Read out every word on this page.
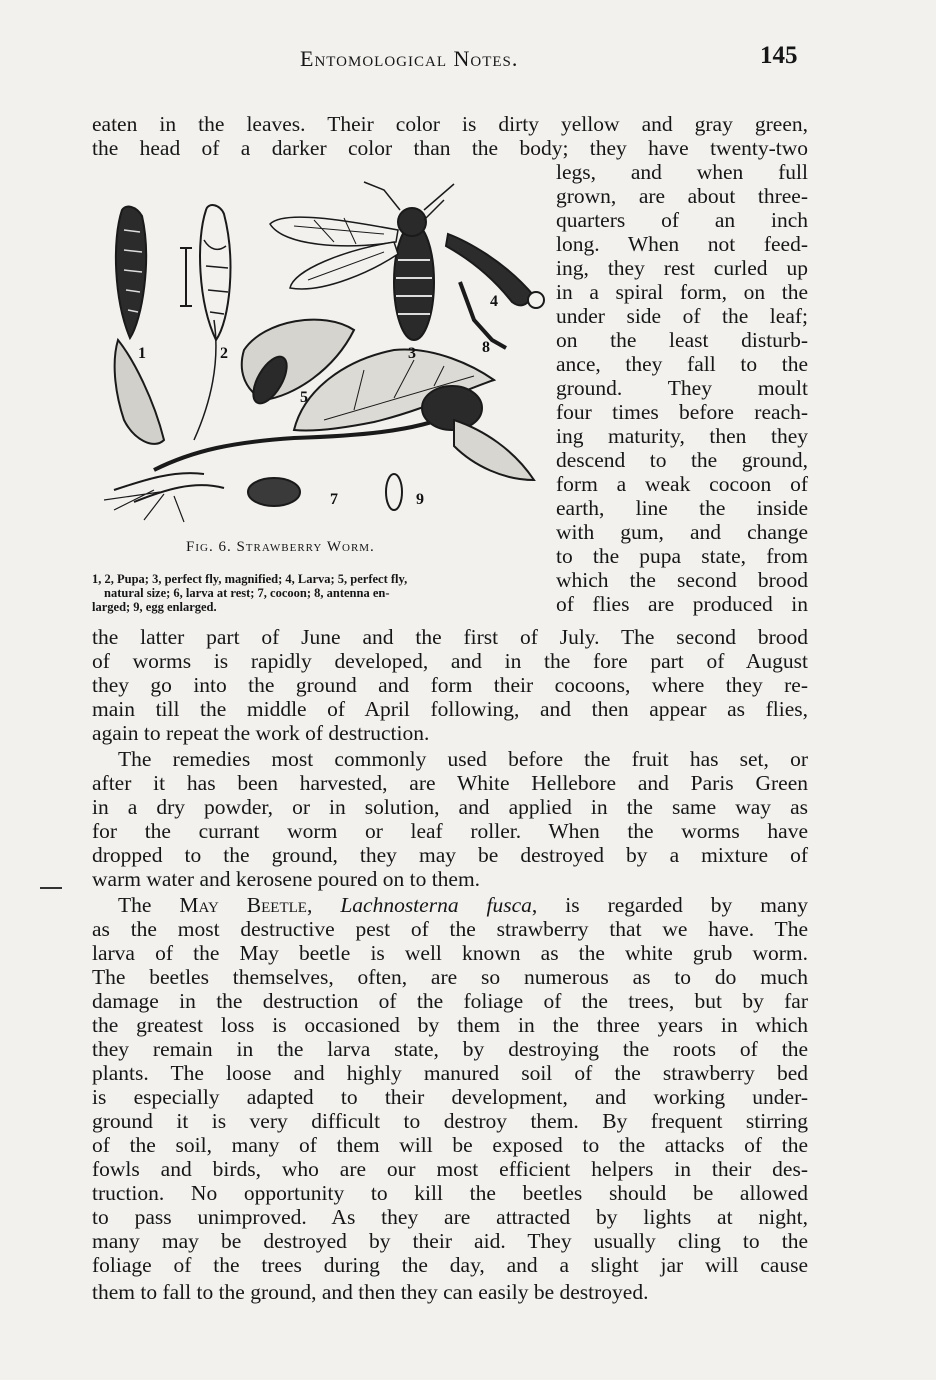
Entomological Notes.	145
eaten in the leaves. Their color is dirty yellow and gray green,
the head of a darker color than the body; they have twenty-two
legs, and when full
grown, are about three-
quarters of an inch
long. When not feed-
ing, they rest curled up
in a spiral form, on the
under side of the leaf;
on the least disturb-
ance, they fall to the
ground. They moult
four times before reach-
ing maturity, then they
descend to the ground,
form a weak cocoon of
earth, line the inside
with gum, and change
to the pupa state, from
which the second brood
of flies are produced in
1	2	3
4
5
7
8
9
Fig. 6. Strawberry Worm.
1, 2, Pupa; 3, perfect fly, magnified; 4, Larva; 5, perfect fly,
natural size; 6, larva at rest; 7, cocoon; 8, antenna en-
larged; 9, egg enlarged.
the latter part of June and the first of July. The second brood
of worms is rapidly developed, and in the fore part of August
they go into the ground and form their cocoons, where they re-
main till the middle of April following, and then appear as flies,
again to repeat the work of destruction.
The remedies most commonly used before the fruit has set, or
after it has been harvested, are White Hellebore and Paris Green
in a dry powder, or in solution, and applied in the same way as
for the currant worm or leaf roller. When the worms have
dropped to the ground, they may be destroyed by a mixture of
warm water and kerosene poured on to them.
The May Beetle, Lachnosterna fusca, is regarded by many
as the most destructive pest of the strawberry that we have. The
larva of the May beetle is well known as the white grub worm.
The beetles themselves, often, are so numerous as to do much
damage in the destruction of the foliage of the trees, but by far
the greatest loss is occasioned by them in the three years in which
they remain in the larva state, by destroying the roots of the
plants. The loose and highly manured soil of the strawberry bed
is especially adapted to their development, and working under-
ground it is very difficult to destroy them. By frequent stirring
of the soil, many of them will be exposed to the attacks of the
fowls and birds, who are our most efficient helpers in their des-
truction. No opportunity to kill the beetles should be allowed
to pass unimproved. As they are attracted by lights at night,
many may be destroyed by their aid. They usually cling to the
foliage of the trees during the day, and a slight jar will cause
them to fall to the ground, and then they can easily be destroyed.
